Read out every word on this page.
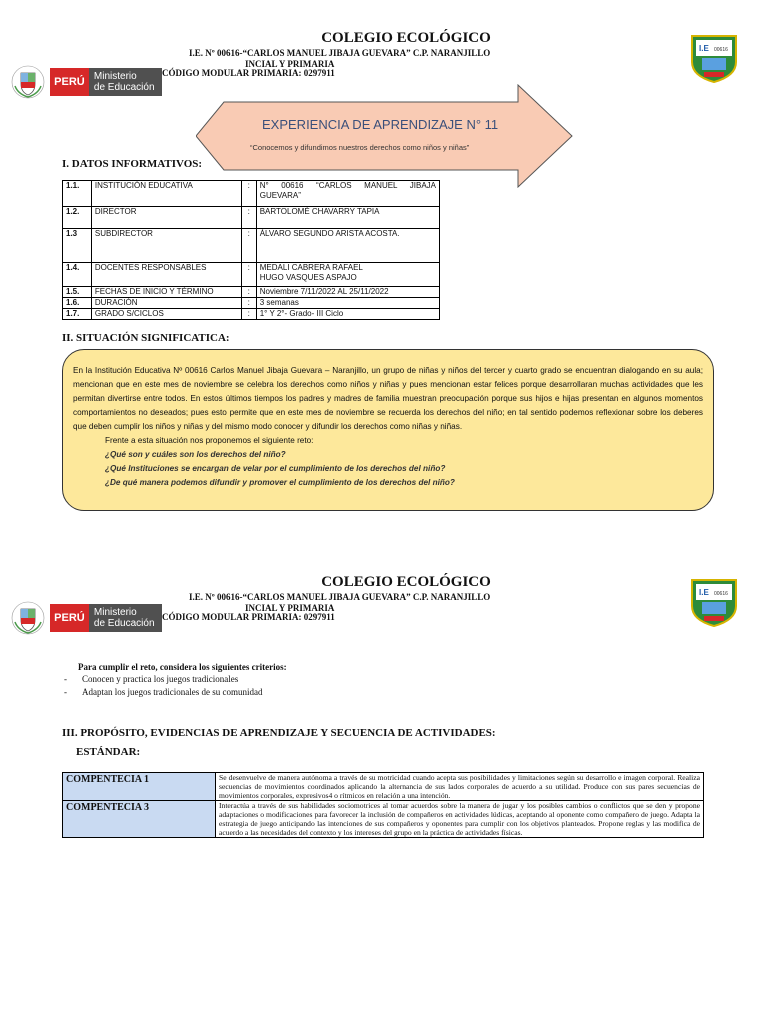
PERÚ Ministerio
de Educación
COLEGIO ECOLÓGICO
I.E. Nº 00616-“CARLOS MANUEL JIBAJA GUEVARA” C.P. NARANJILLO
INCIAL Y PRIMARIA
CÓDIGO MODULAR PRIMARIA: 0297911
I.E 00616
EXPERIENCIA DE APRENDIZAJE N° 11
“Conocemos y difundimos nuestros derechos como niños y niñas”
I. DATOS INFORMATIVOS:
1.1.	INSTITUCIÓN EDUCATIVA	:	N° 00616 “CARLOS MANUEL JIBAJA GUEVARA”
1.2.	DIRECTOR	:	BARTOLOMÉ CHAVARRY TAPIA
1.3	SUBDIRECTOR	:	ÁLVARO SEGUNDO ARISTA ACOSTA.
1.4.	DOCENTES RESPONSABLES	:	MEDALI CABRERA RAFAEL
HUGO VASQUES ASPAJO

1.5.	FECHAS DE INICIO Y TÉRMINO	:	Noviembre 7/11/2022 AL 25/11/2022
1.6.	DURACIÓN	:	3 semanas
1.7.	GRADO S/CICLOS	:	1° Y 2°- Grado- III Ciclo
II. SITUACIÓN SIGNIFICATICA:
En la Institución Educativa Nº 00616 Carlos Manuel Jibaja Guevara – Naranjillo, un grupo de niñas y niños del tercer y cuarto grado se encuentran dialogando en su aula; mencionan que en este mes de noviembre se celebra los derechos como niños y niñas y pues mencionan estar felices porque desarrollaran muchas actividades que les permitan divertirse entre todos. En estos últimos tiempos los padres y madres de familia muestran preocupación porque sus hijos e hijas presentan en algunos momentos comportamientos no deseados; pues esto permite que en este mes de noviembre se recuerda los derechos del niño; en tal sentido podemos reflexionar sobre los deberes que deben cumplir los niños y niñas y del mismo modo conocer y difundir los derechos como niñas y niñas.
Frente a esta situación nos proponemos el siguiente reto:
¿Qué son y cuáles son los derechos del niño?
¿Qué Instituciones se encargan de velar por el cumplimiento de los derechos del niño?
¿De qué manera podemos difundir y promover el cumplimiento de los derechos del niño?
PERÚ Ministerio
de Educación
COLEGIO ECOLÓGICO
I.E. Nº 00616-“CARLOS MANUEL JIBAJA GUEVARA” C.P. NARANJILLO
INCIAL Y PRIMARIA
CÓDIGO MODULAR PRIMARIA: 0297911
I.E 00616
Para cumplir el reto, considera los siguientes criterios:
- Conocen y practica los juegos tradicionales
- Adaptan los juegos tradicionales de su comunidad
III. PROPÓSITO, EVIDENCIAS DE APRENDIZAJE Y SECUENCIA DE ACTIVIDADES:
ESTÁNDAR:
COMPENTECIA 1	Se desenvuelve de manera autónoma a través de su motricidad cuando acepta sus posibilidades y limitaciones según su desarrollo e imagen corporal. Realiza secuencias de movimientos coordinados aplicando la alternancia de sus lados corporales de acuerdo a su utilidad. Produce con sus pares secuencias de movimientos corporales, expresivos4 o rítmicos en relación a una intención.
COMPENTECIA 3	Interactúa a través de sus habilidades sociomotrices al tomar acuerdos sobre la manera de jugar y los posibles cambios o conflictos que se den y propone adaptaciones o modificaciones para favorecer la inclusión de compañeros en actividades lúdicas, aceptando al oponente como compañero de juego. Adapta la estrategia de juego anticipando las intenciones de sus compañeros y oponentes para cumplir con los objetivos planteados. Propone reglas y las modifica de acuerdo a las necesidades del contexto y los intereses del grupo en la práctica de actividades físicas.
